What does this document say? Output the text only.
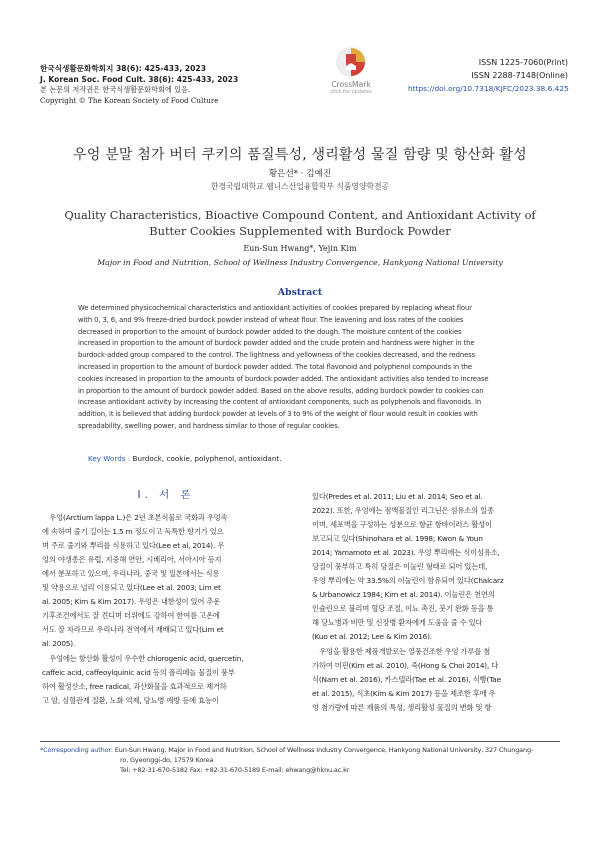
한국식생활문화학회지 38(6): 425-433, 2023
J. Korean Soc. Food Cult. 38(6): 425-433, 2023
본 논문의 저작권은 한국식생활문화학회에 있음.
Copyright © The Korean Society of Food Culture
CrossMark
click for updates
ISSN 1225-7060(Print)
ISSN 2288-7148(Online)
https://doi.org/10.7318/KJFC/2023.38.6.425
우엉 분말 첨가 버터 쿠키의 품질특성, 생리활성 물질 함량 및 항산화 활성
황은선* · 김예진
한경국립대학교 웰니스산업융합학부 식품영양학전공
Quality Characteristics, Bioactive Compound Content, and Antioxidant Activity of
Butter Cookies Supplemented with Burdock Powder
Eun-Sun Hwang*, Yejin Kim
Major in Food and Nutrition, School of Wellness Industry Convergence, Hankyong National University
Abstract
We determined physicochemical characteristics and antioxidant activities of cookies prepared by replacing wheat flour
with 0, 3, 6, and 9% freeze-dried burdock powder instead of wheat flour. The leavening and loss rates of the cookies
decreased in proportion to the amount of burdock powder added to the dough. The moisture content of the cookies
increased in proportion to the amount of burdock powder added and the crude protein and hardness were higher in the
burdock-added group compared to the control. The lightness and yellowness of the cookies decreased, and the redness
increased in proportion to the amount of burdock powder added. The total flavonoid and polyphenol compounds in the
cookies increased in proportion to the amounts of burdock powder added. The antioxidant activities also tended to increase
in proportion to the amount of burdock powder added. Based on the above results, adding burdock powder to cookies can
increase antioxidant activity by increasing the content of antioxidant components, such as polyphenols and flavonoids. In
addition, it is believed that adding burdock powder at levels of 3 to 9% of the weight of flour would result in cookies with
spreadability, swelling power, and hardness similar to those of regular cookies.
Key Words : Burdock, cookie, polyphenol, antioxidant.
I. 서 론

우엉(Arctium lappa L.)은 2년 초본식물로 국화과 우엉속
에 속하며 줄기 길이는 1.5 m 정도이고 독특한 향기가 있으
며 주로 줄기와 뿌리를 식용하고 있다(Lee et al, 2014). 우
엉의 야생종은 유럽, 지중해 연안, 시베리아, 서아시아 등지
에서 분포하고 있으며, 우리나라, 중국 및 일본에서는 식용
및 약용으로 널리 이용되고 있다(Lee et al. 2003; Lim et
al. 2005; Kim & Kim 2017). 우엉은 내한성이 있어 추운
기후조건에서도 잘 견디며 더위에도 강하여 한여름 고온에
서도 잘 자라므로 우리나라 전역에서 재배되고 있다(Lim et
al. 2005).

우엉에는 항산화 활성이 우수한 chlorogenic acid, quercetin,
caffeic acid, caffeoylquinic acid 등의 폴리페놀 물질이 풍부
하여 활성산소, free radical, 과산화물을 효과적으로 제거하
고 암, 심혈관계 질환, 노화 억제, 당뇨병 예방 등에 효능이

있다(Predes et al. 2011; Liu et al. 2014; Seo et al.
2022). 또한, 우엉에는 점액물질인 리그닌은 섬유소의 일종
이며, 세포벽을 구성하는 성분으로 항균 항바이러스 활성이
보고되고 있다(Shinohara et al. 1998; Kwon & Youn
2014; Yamamoto et al. 2023). 우엉 뿌리에는 식이섬유소,
당질이 풍부하고 특히 당질은 이눌린 형태로 되어 있는데,
우엉 뿌리에는 약 33.5%의 이눌린이 함유되어 있다(Chalcarz
& Urbanowicz 1984; Kim et al. 2014). 이눌린은 천연의
인슐린으로 불리며 혈당 조절, 이뇨 촉진, 붓기 완화 등을 통
해 당뇨병과 비만 및 신장병 환자에게 도움을 줄 수 있다
(Kuo et al. 2012; Lee & Kim 2016).

우엉을 활용한 제품개발로는 열풍건조한 우엉 가루를 첨
가하여 머핀(Kim et al. 2010), 죽(Hong & Choi 2014), 다
식(Nam et al. 2016), 카스텔라(Tae et al. 2016), 식빵(Tae
et al. 2015), 식초(Kim & Kim 2017) 등을 제조한 후에 우
엉 첨가량에 따른 제품의 특성, 생리활성 물질의 변화 및 항

*Corresponding author: Eun-Sun Hwang, Major in Food and Nutrition, School of Wellness Industry Convergence, Hankyong National University, 327 Chungang-
ro, Gyeonggi-do, 17579 Korea
Tel: +82-31-670-5182 Fax: +82-31-670-5189 E-mail: ehwang@hknu.ac.kr
